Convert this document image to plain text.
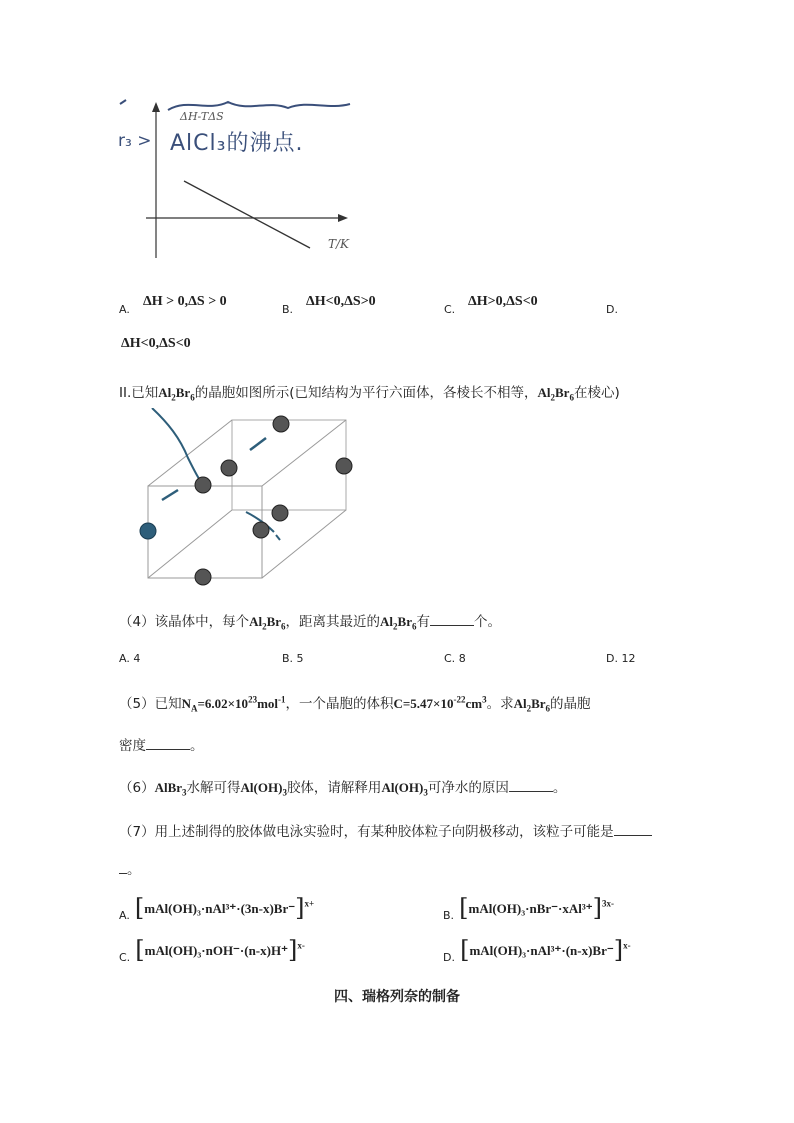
ΔH-TΔS
T/K
AlCl₃的沸点.
r₃ >
A.
ΔH > 0,ΔS > 0
B.
ΔH<0,ΔS>0
C.
ΔH>0,ΔS<0
D.
ΔH<0,ΔS<0
II.已知$Al_2Br_6$的晶胞如图所示(已知结构为平行六面体，各棱长不相等，$Al_2Br_6$在棱心)
（4）该晶体中，每个$Al_2Br_6$，距离其最近的$Al_2Br_6$有	个。
A. 4	B. 5	C. 8	D. 12
（5）已知$N_A=6.02\times 10^{23}mol^{-1}$，一个晶胞的体积$C=5.47\times 10^{-22}cm^3$。求$Al_2Br_6$的晶胞
密度	。
（6）AlBr$_3$水解可得$Al(OH)_3$胶体，请解释用$Al(OH)_3$可净水的原因	。
（7）用上述制得的胶体做电泳实验时，有某种胶体粒子向阴极移动，该粒子可能是
。
$_{A.}$ $[mAl(OH)_3\cdot nAl^{3+}\cdot(3n-x)Br^-]^{x+}$
$_{B.}$ $[mAl(OH)_3\cdot nBr^-\cdot xAl^{3+}]^{3x-}$
$_{C.}$ $[mAl(OH)_3\cdot nOH^-\cdot(n-x)H^+]^{x-}$
$_{D.}$ $[mAl(OH)_3\cdot nAl^{3+}\cdot(n-x)Br^-]^{x-}$
四、瑞格列奈的制备
